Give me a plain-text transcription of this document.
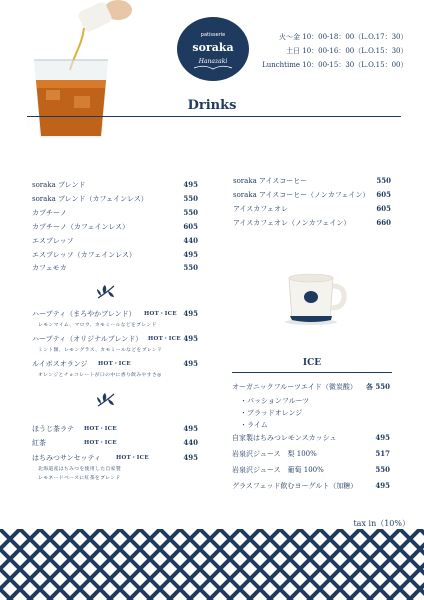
patisserie
soraka
Hanazaki
火～金 10：00-18：00（L.O.17：30）
土日 10：00-16：00（L.O.15：30）
Lunchtime 10：00-15：30（L.O.15：00）
Drinks
soraka ブレンド	495
soraka ブレンド（カフェインレス）	550
カプチーノ	550
カプチーノ（カフェインレス）	605
エスプレッソ	440
エスプレッソ（カフェインレス）	495
カフェモカ	550
soraka アイスコーヒー	550
soraka アイスコーヒー（ノンカフェイン） 605
アイスカフェオレ	605
アイスカフェオレ（ノンカフェイン）	660
ハーブティ（まろやかブレンド） HOT・ICE 495
レモンマイム、マロウ、カモミールなどをブレンド
ハーブティ（オリジナルブレンド） HOT・ICE 495
ミント類、レモングラス、カモミールなどをブレンド
ルイボスオランジ HOT・ICE	495
オレンジとチョコレートが口の中に香り飲みやすさ◎
ほうじ茶ラテ HOT・ICE	495
紅茶	HOT・ICE	440
はちみつサンセッティ	HOT・ICE	495
北海道産はちみつを使用した自家製
レモネードベースに紅茶をブレンド
ICE
オーガニックフルーツエイド（微炭酸） 各 550
・パッションフルーツ
・ブラッドオレンジ
・ライム
自家製はちみつレモンスカッシュ	495
岩泉沢ジュース　梨 100%	517
岩泉沢ジュース　葡萄 100%	550
グラスフェッド飲むヨーグルト（加糖）	495
tax in（10%）
